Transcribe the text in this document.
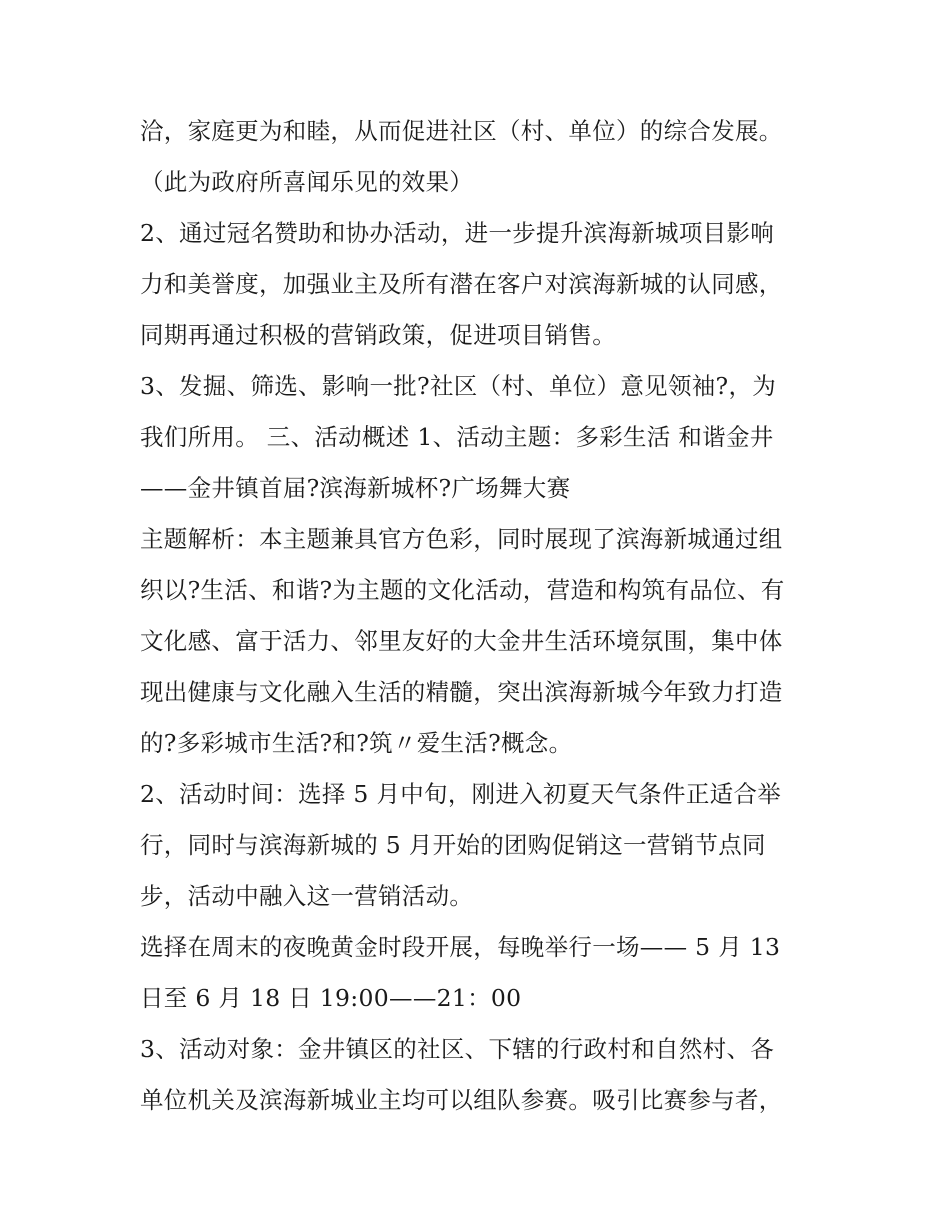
洽，家庭更为和睦，从而促进社区（村、单位）的综合发展。
（此为政府所喜闻乐见的效果）
2、通过冠名赞助和协办活动，进一步提升滨海新城项目影响
力和美誉度，加强业主及所有潜在客户对滨海新城的认同感，
同期再通过积极的营销政策，促进项目销售。
3、发掘、筛选、影响一批?社区（村、单位）意见领袖?，为
我们所用。 三、活动概述 1、活动主题：多彩生活 和谐金井
——金井镇首届?滨海新城杯?广场舞大赛
主题解析：本主题兼具官方色彩，同时展现了滨海新城通过组
织以?生活、和谐?为主题的文化活动，营造和构筑有品位、有
文化感、富于活力、邻里友好的大金井生活环境氛围，集中体
现出健康与文化融入生活的精髓，突出滨海新城今年致力打造
的?多彩城市生活?和?筑〃爱生活?概念。
2、活动时间：选择 5 月中旬，刚进入初夏天气条件正适合举
行，同时与滨海新城的 5 月开始的团购促销这一营销节点同
步，活动中融入这一营销活动。
选择在周末的夜晚黄金时段开展，每晚举行一场—— 5 月 13
日至 6 月 18 日 19:00——21：00
3、活动对象：金井镇区的社区、下辖的行政村和自然村、各
单位机关及滨海新城业主均可以组队参赛。吸引比赛参与者，
